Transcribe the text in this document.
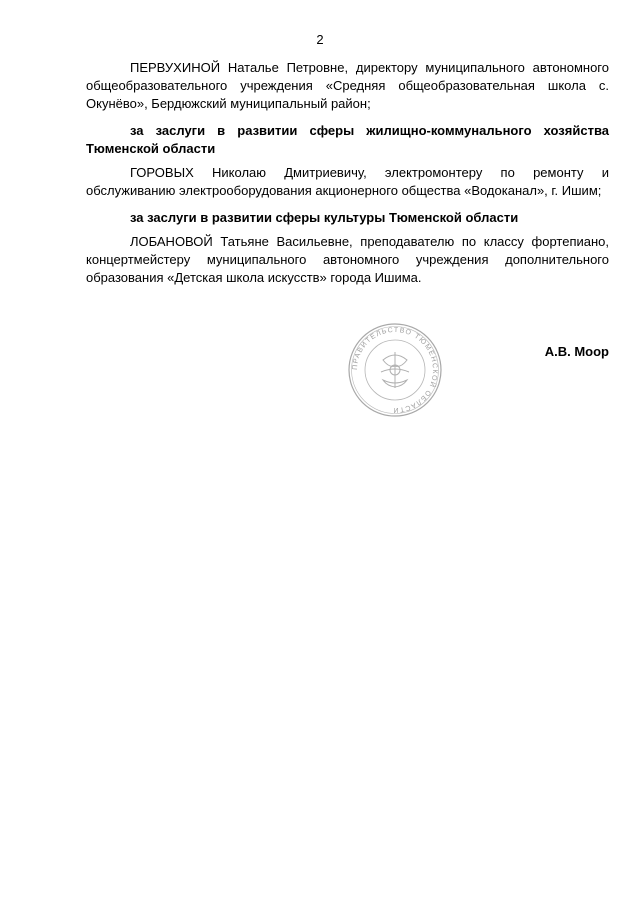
2

ПЕРВУХИНОЙ Наталье Петровне, директору муниципального автономного общеобразовательного учреждения «Средняя общеобразовательная школа с. Окунёво», Бердюжский муниципальный район;

за заслуги в развитии сферы жилищно-коммунального хозяйства Тюменской области

ГОРОВЫХ Николаю Дмитриевичу, электромонтеру по ремонту и обслуживанию электрооборудования акционерного общества «Водоканал», г. Ишим;

за заслуги в развитии сферы культуры Тюменской области

ЛОБАНОВОЙ Татьяне Васильевне, преподавателю по классу фортепиано, концертмейстеру муниципального автономного учреждения дополнительного образования «Детская школа искусств» города Ишима.

ПРАВИТЕЛЬСТВО ТЮМЕНСКОЙ ОБЛАСТИ
А.В. Моор
